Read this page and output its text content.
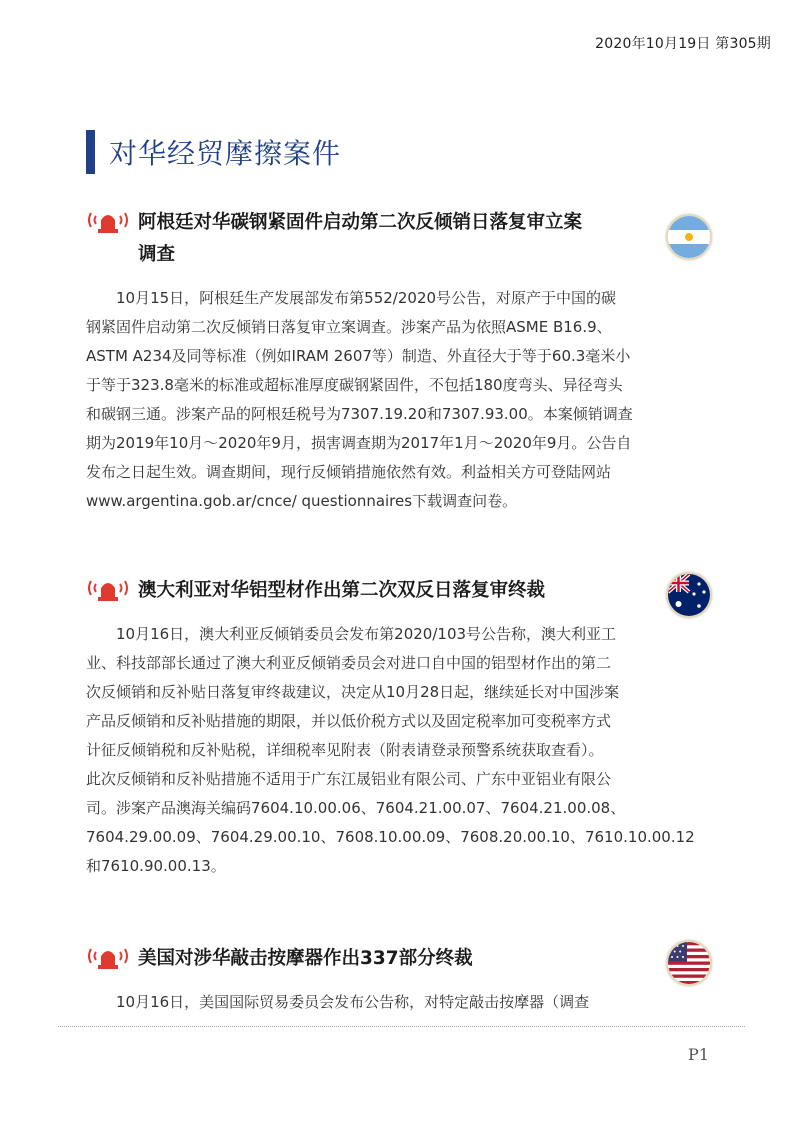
2020年10月19日 第305期
对华经贸摩擦案件
阿根廷对华碳钢紧固件启动第二次反倾销日落复审立案
调查
10月15日，阿根廷生产发展部发布第552/2020号公告，对原产于中国的碳
钢紧固件启动第二次反倾销日落复审立案调查。涉案产品为依照ASME B16.9、
ASTM A234及同等标准（例如IRAM 2607等）制造、外直径大于等于60.3毫米小
于等于323.8毫米的标准或超标准厚度碳钢紧固件，不包括180度弯头、异径弯头
和碳钢三通。涉案产品的阿根廷税号为7307.19.20和7307.93.00。本案倾销调查
期为2019年10月～2020年9月，损害调查期为2017年1月～2020年9月。公告自
发布之日起生效。调查期间，现行反倾销措施依然有效。利益相关方可登陆网站
www.argentina.gob.ar/cnce/ questionnaires下载调查问卷。
澳大利亚对华铝型材作出第二次双反日落复审终裁
10月16日，澳大利亚反倾销委员会发布第2020/103号公告称，澳大利亚工
业、科技部部长通过了澳大利亚反倾销委员会对进口自中国的铝型材作出的第二
次反倾销和反补贴日落复审终裁建议，决定从10月28日起，继续延长对中国涉案
产品反倾销和反补贴措施的期限，并以低价税方式以及固定税率加可变税率方式
计征反倾销税和反补贴税，详细税率见附表（附表请登录预警系统获取查看）。
此次反倾销和反补贴措施不适用于广东江晟铝业有限公司、广东中亚铝业有限公
司。涉案产品澳海关编码7604.10.00.06、7604.21.00.07、7604.21.00.08、
7604.29.00.09、7604.29.00.10、7608.10.00.09、7608.20.00.10、7610.10.00.12
和7610.90.00.13。
美国对涉华敲击按摩器作出337部分终裁
10月16日，美国国际贸易委员会发布公告称，对特定敲击按摩器（调查
P1
